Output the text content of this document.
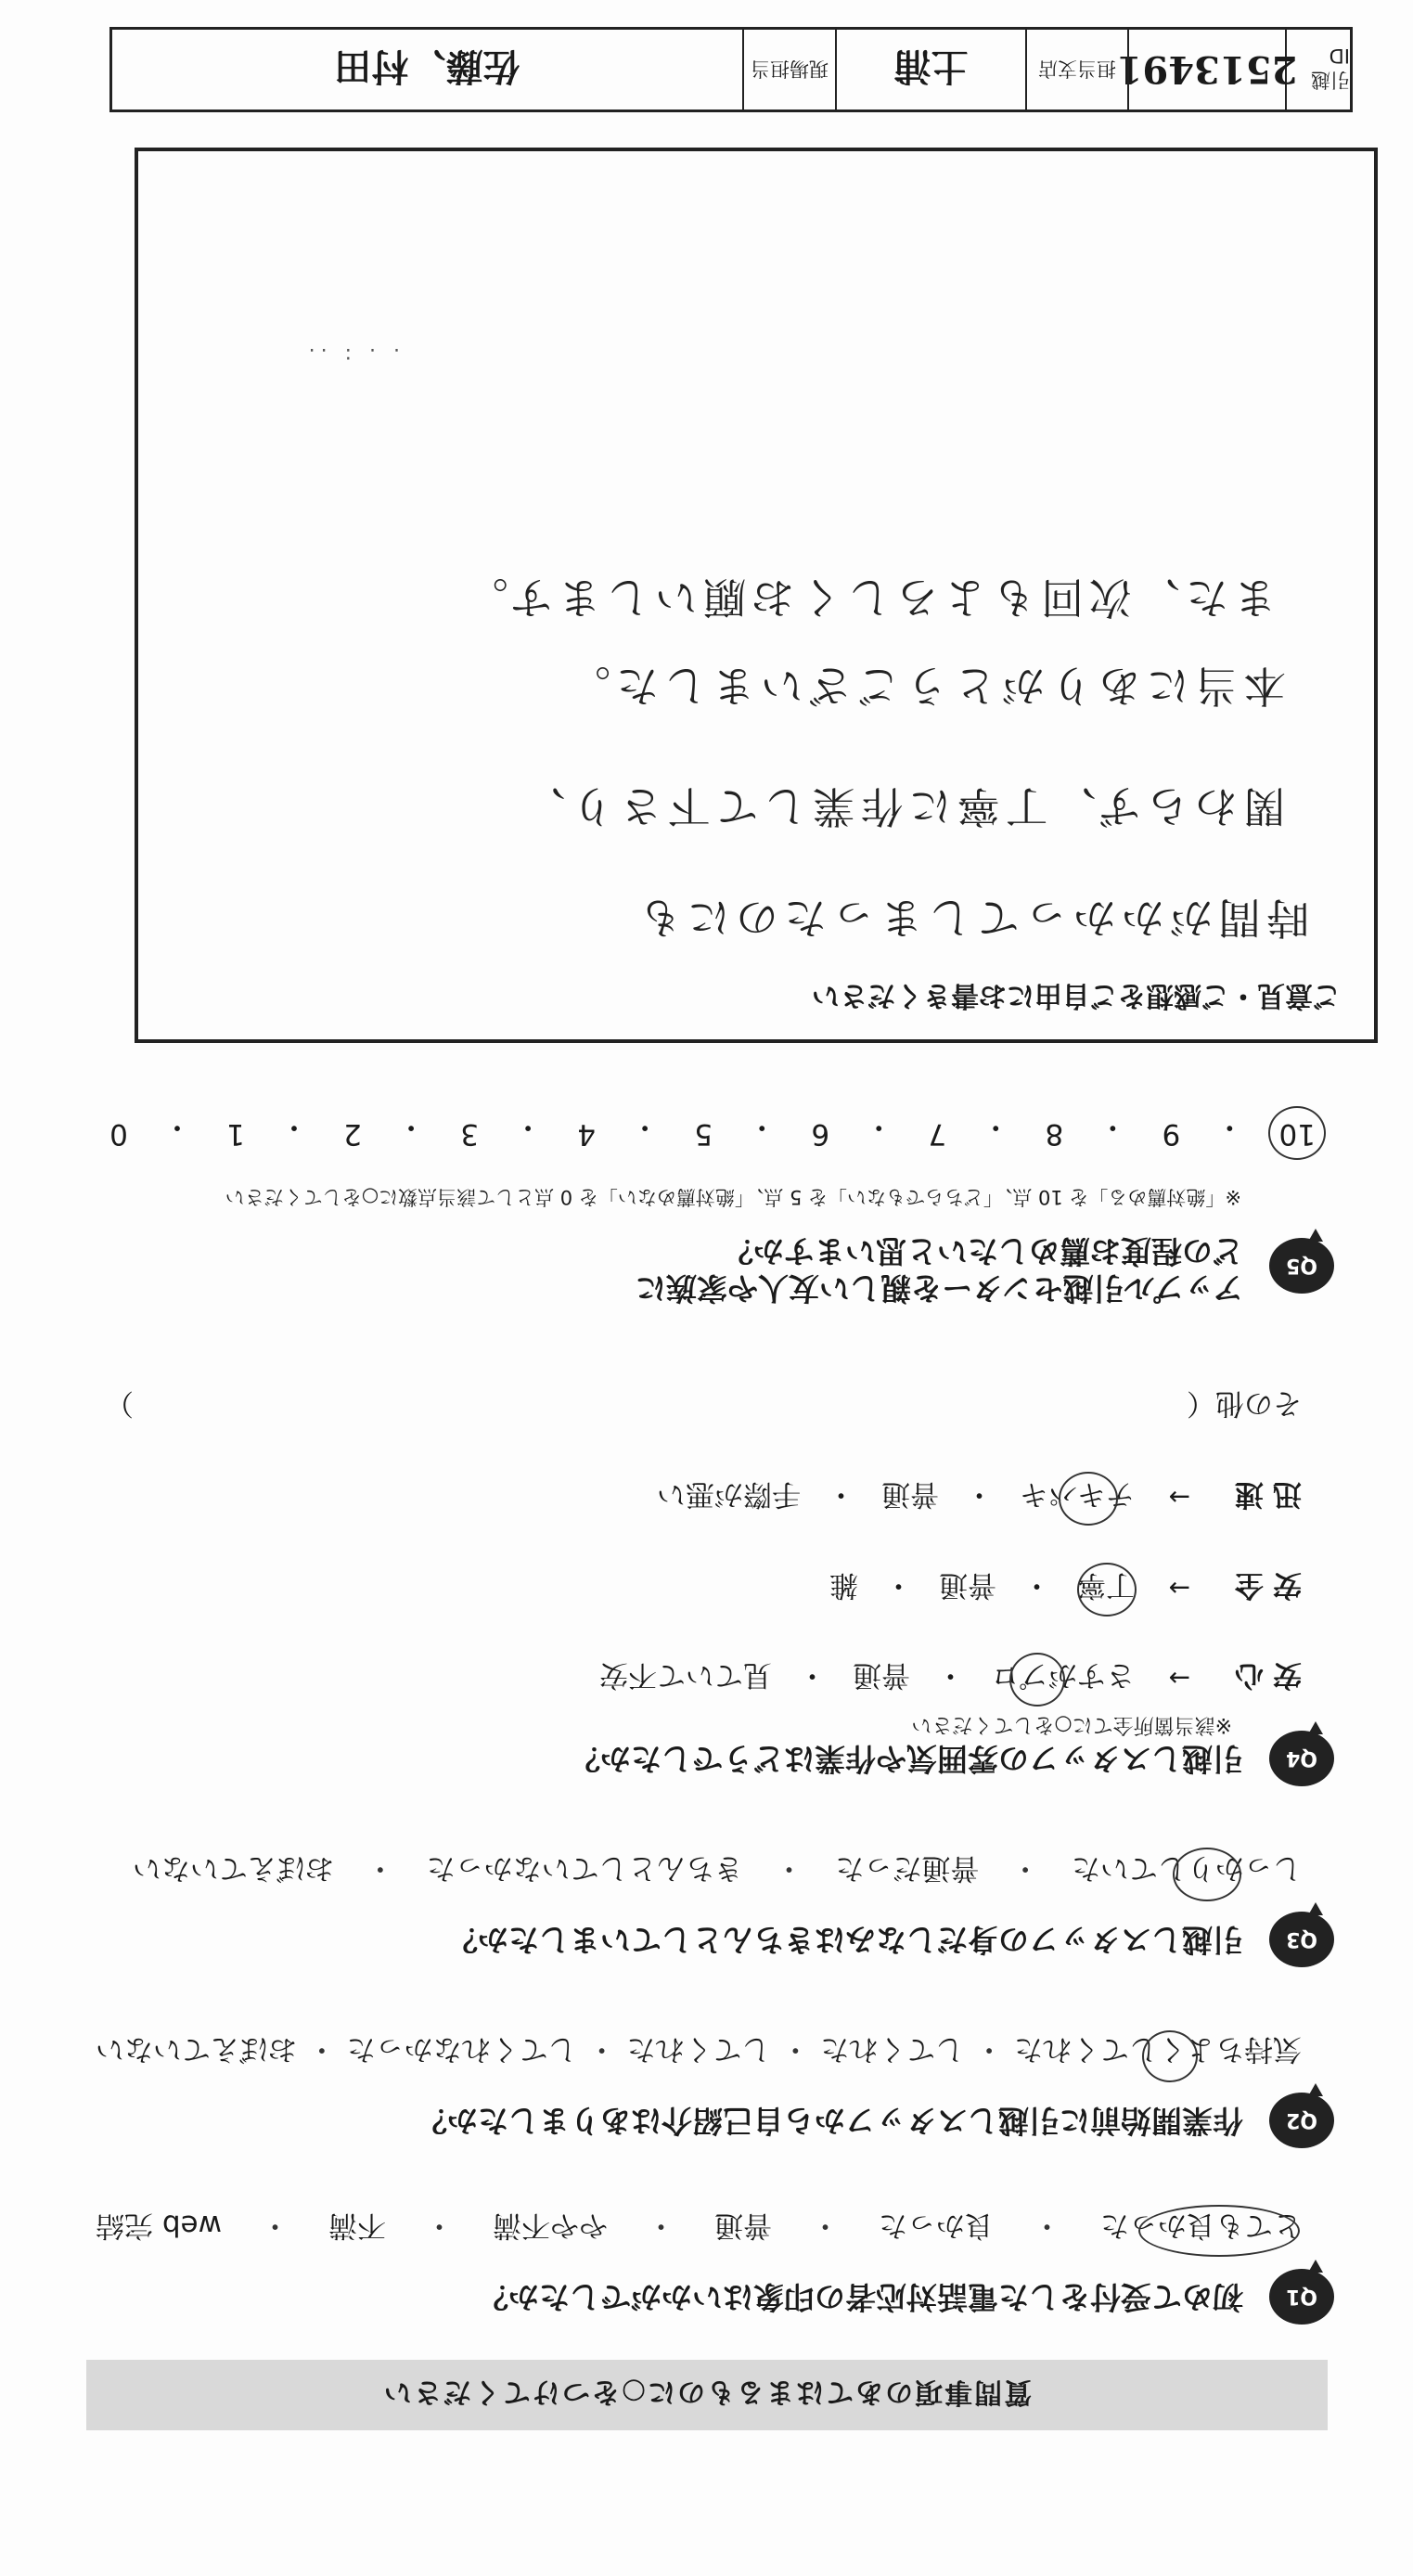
質問事項のあてはまるものに○をつけてください
Q1
初めて受付をした電話対応者の印象はいかがでしたか？
とても良かった
・
良かった
・
普通
・
やや不満
・
不満
・
web 完結
Q2
作業開始前に引越しスタッフから自己紹介はありましたか？
気持ちよくしてくれた
・
してくれた
・
してくれた
・
してくれなかった
・
おぼえていない
Q3
引越しスタッフの身だしなみはきちんとしていましたか？
しっかりしていた
・
普通だった
・
きちんとしていなかった
・
おぼえていない
Q4
引越しスタッフの雰囲気や作業はどうでしたか？
※該当箇所全てに○をしてください
安心
→
さすがプロ
・
普通
・
見ていて不安
安全
→
丁寧
・
普通
・
雑
迅速
→
テキパキ
・
普通
・
手際が悪い
その他（
）
Q5
アップル引越センターを親しい友人や家族に
どの程度お薦めしたいと思いますか？
※「絶対薦める」を 10 点、「どちらでもない」を 5 点、「絶対薦めない」を 0 点として該当点数に○をしてください
10
・
9
・
8
・
7
・
6
・
5
・
4
・
3
・
2
・
1
・
0
ご意見・ご感想をご自由にお書きください
時間がかかってしまったのにも
関わらず、丁寧に作業して下さり、
本当にありがとうございました。
また、次回もよろしくお願いします。
. . : ..
引越 ID
2513491
担当支店
土浦
現場担当
佐藤、村田
